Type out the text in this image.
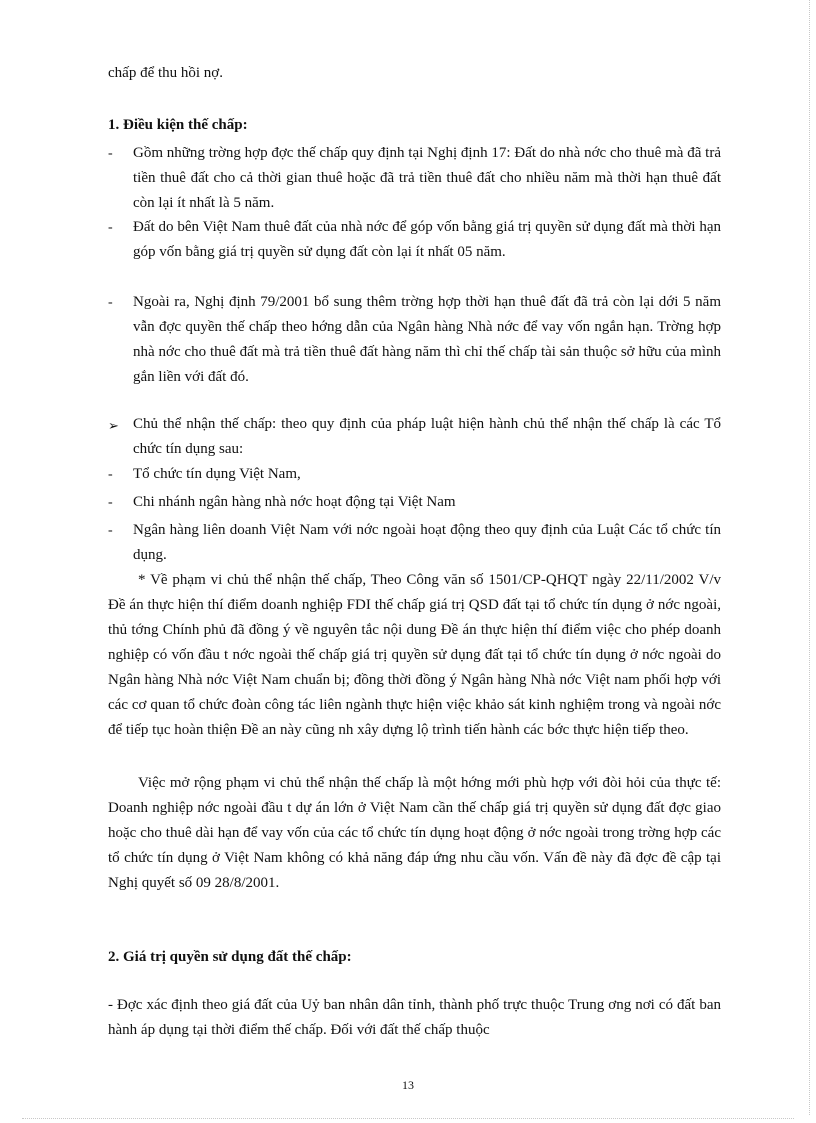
chấp để thu hồi nợ.

1. Điều kiện thế chấp:

- Gồm những trờng hợp đợc thế chấp quy định tại Nghị định 17: Đất do nhà nớc cho thuê mà đã trả tiền thuê đất cho cả thời gian thuê hoặc đã trả tiền thuê đất cho nhiều năm mà thời hạn thuê đất còn lại ít nhất là 5 năm.

- Đất do bên Việt Nam thuê đất của nhà nớc để góp vốn bằng giá trị quyền sử dụng đất mà thời hạn góp vốn bằng giá trị quyền sử dụng đất còn lại ít nhất 05 năm.

- Ngoài ra, Nghị định 79/2001 bổ sung thêm trờng hợp thời hạn thuê đất đã trả còn lại dới 5 năm vẫn đợc quyền thế chấp theo hớng dẫn của Ngân hàng Nhà nớc để vay vốn ngắn hạn. Trờng hợp nhà nớc cho thuê đất mà trả tiền thuê đất hàng năm thì chỉ thế chấp tài sản thuộc sở hữu của mình gắn liền với đất đó.

➢ Chủ thể nhận thế chấp: theo quy định của pháp luật hiện hành chủ thể nhận thế chấp là các Tổ chức tín dụng sau:

- Tổ chức tín dụng Việt Nam,

- Chi nhánh ngân hàng nhà nớc hoạt động tại Việt Nam

- Ngân hàng liên doanh Việt Nam với nớc ngoài hoạt động theo quy định của Luật Các tổ chức tín dụng.

* Về phạm vi chủ thể nhận thế chấp, Theo Công văn số 1501/CP-QHQT ngày 22/11/2002 V/v Đề án thực hiện thí điểm doanh nghiệp FDI thế chấp giá trị QSD đất tại tổ chức tín dụng ở nớc ngoài, thủ tớng Chính phủ đã đồng ý về nguyên tắc nội dung Đề án thực hiện thí điểm việc cho phép doanh nghiệp có vốn đầu t nớc ngoài thế chấp giá trị quyền sử dụng đất tại tổ chức tín dụng ở nớc ngoài do Ngân hàng Nhà nớc Việt Nam chuẩn bị; đồng thời đồng ý Ngân hàng Nhà nớc Việt nam phối hợp với các cơ quan tổ chức đoàn công tác liên ngành thực hiện việc khảo sát kinh nghiệm trong và ngoài nớc để tiếp tục hoàn thiện Đề an này cũng nh xây dựng lộ trình tiến hành các bớc thực hiện tiếp theo.

Việc mở rộng phạm vi chủ thể nhận thế chấp là một hớng mới phù hợp với đòi hỏi của thực tế: Doanh nghiệp nớc ngoài đầu t dự án lớn ở Việt Nam cần thế chấp giá trị quyền sử dụng đất đợc giao hoặc cho thuê dài hạn để vay vốn của các tổ chức tín dụng hoạt động ở nớc ngoài trong trờng hợp các tổ chức tín dụng ở Việt Nam không có khả năng đáp ứng nhu cầu vốn. Vấn đề này đã đợc đề cập tại Nghị quyết số 09 28/8/2001.

2. Giá trị quyền sử dụng đất thế chấp:

- Đợc xác định theo giá đất của Uỷ ban nhân dân tỉnh, thành phố trực thuộc Trung ơng nơi có đất ban hành áp dụng tại thời điểm thế chấp. Đối với đất thế chấp thuộc

13
